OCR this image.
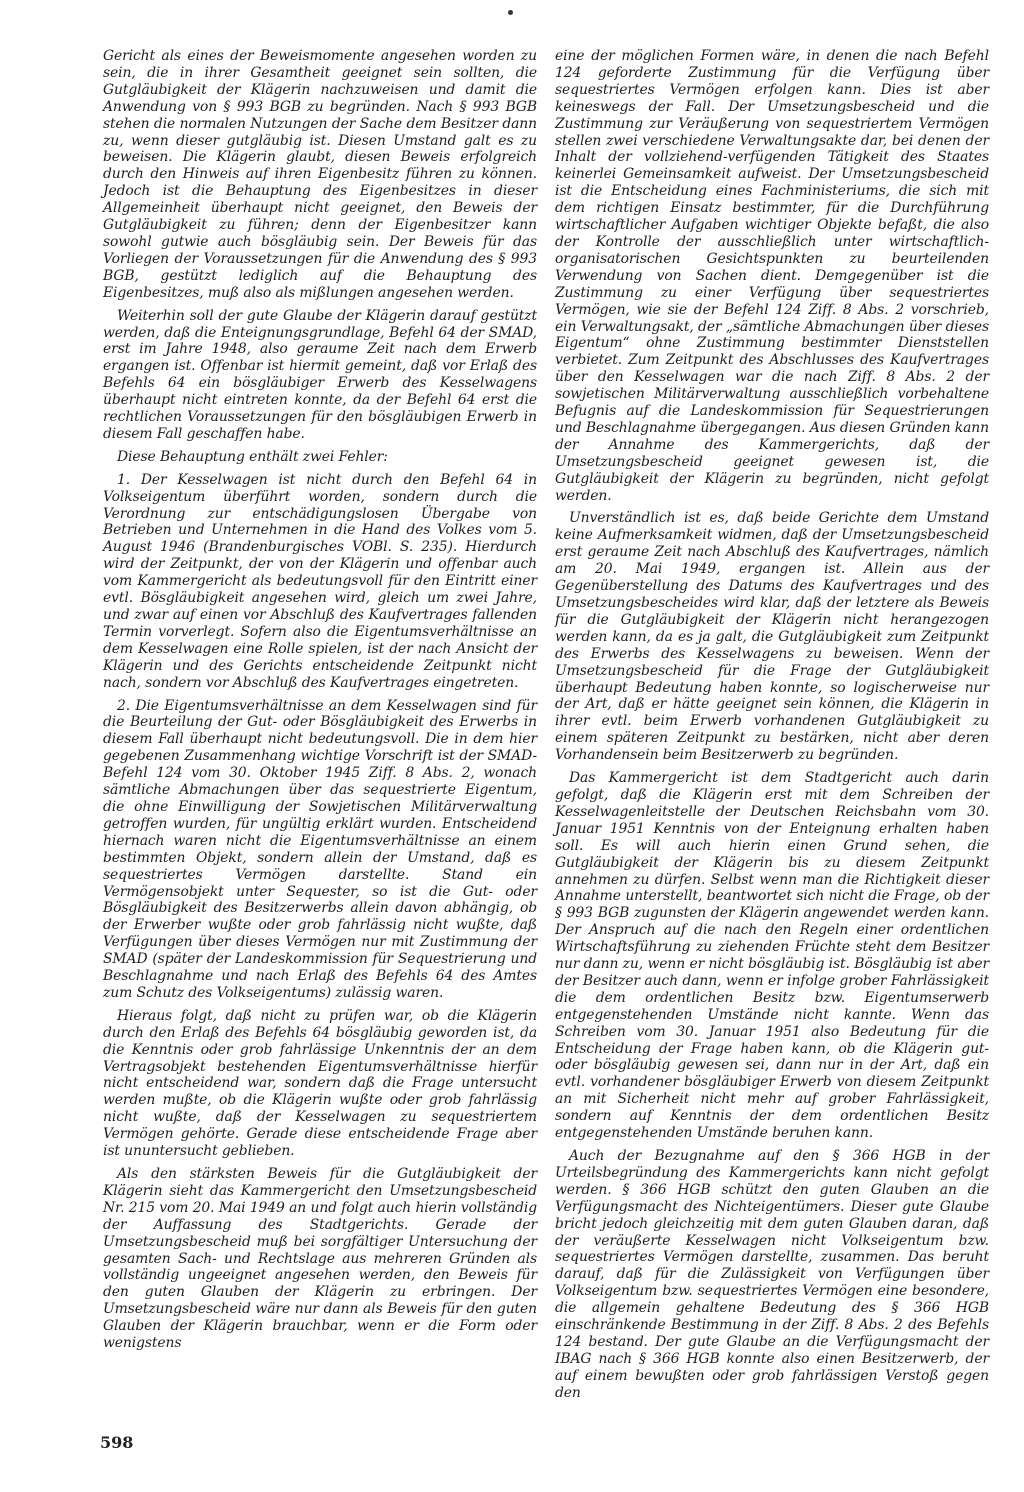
Gericht als eines der Beweismomente angesehen worden zu sein, die in ihrer Gesamtheit geeignet sein sollten, die Gutgläubigkeit der Klägerin nachzuweisen und damit die Anwendung von § 993 BGB zu begründen. Nach § 993 BGB stehen die normalen Nutzungen der Sache dem Besitzer dann zu, wenn dieser gutgläubig ist. Diesen Umstand galt es zu beweisen. Die Klägerin glaubt, diesen Beweis erfolgreich durch den Hinweis auf ihren Eigenbesitz führen zu können. Jedoch ist die Behauptung des Eigenbesitzes in dieser Allgemeinheit überhaupt nicht geeignet, den Beweis der Gutgläubigkeit zu führen; denn der Eigenbesitzer kann sowohl gutwie auch bösgläubig sein. Der Beweis für das Vorliegen der Voraussetzungen für die Anwendung des § 993 BGB, gestützt lediglich auf die Behauptung des Eigenbesitzes, muß also als mißlungen angesehen werden.

Weiterhin soll der gute Glaube der Klägerin darauf gestützt werden, daß die Enteignungsgrundlage, Befehl 64 der SMAD, erst im Jahre 1948, also geraume Zeit nach dem Erwerb ergangen ist. Offenbar ist hiermit gemeint, daß vor Erlaß des Befehls 64 ein bösgläubiger Erwerb des Kesselwagens überhaupt nicht eintreten konnte, da der Befehl 64 erst die rechtlichen Voraussetzungen für den bösgläubigen Erwerb in diesem Fall geschaffen habe.

Diese Behauptung enthält zwei Fehler:

1. Der Kesselwagen ist nicht durch den Befehl 64 in Volkseigentum überführt worden, sondern durch die Verordnung zur entschädigungslosen Übergabe von Betrieben und Unternehmen in die Hand des Volkes vom 5. August 1946 (Brandenburgisches VOBl. S. 235). Hierdurch wird der Zeitpunkt, der von der Klägerin und offenbar auch vom Kammergericht als bedeutungsvoll für den Eintritt einer evtl. Bösgläubigkeit angesehen wird, gleich um zwei Jahre, und zwar auf einen vor Abschluß des Kaufvertrages fallenden Termin vorverlegt. Sofern also die Eigentumsverhältnisse an dem Kesselwagen eine Rolle spielen, ist der nach Ansicht der Klägerin und des Gerichts entscheidende Zeitpunkt nicht nach, sondern vor Abschluß des Kaufvertrages eingetreten.

2. Die Eigentumsverhältnisse an dem Kesselwagen sind für die Beurteilung der Gut- oder Bösgläubigkeit des Erwerbs in diesem Fall überhaupt nicht bedeutungsvoll. Die in dem hier gegebenen Zusammenhang wichtige Vorschrift ist der SMAD-Befehl 124 vom 30. Oktober 1945 Ziff. 8 Abs. 2, wonach sämtliche Abmachungen über das sequestrierte Eigentum, die ohne Einwilligung der Sowjetischen Militärverwaltung getroffen wurden, für ungültig erklärt wurden. Entscheidend hiernach waren nicht die Eigentumsverhältnisse an einem bestimmten Objekt, sondern allein der Umstand, daß es sequestriertes Vermögen darstellte. Stand ein Vermögensobjekt unter Sequester, so ist die Gut- oder Bösgläubigkeit des Besitzerwerbs allein davon abhängig, ob der Erwerber wußte oder grob fahrlässig nicht wußte, daß Verfügungen über dieses Vermögen nur mit Zustimmung der SMAD (später der Landeskommission für Sequestrierung und Beschlagnahme und nach Erlaß des Befehls 64 des Amtes zum Schutz des Volkseigentums) zulässig waren.

Hieraus folgt, daß nicht zu prüfen war, ob die Klägerin durch den Erlaß des Befehls 64 bösgläubig geworden ist, da die Kenntnis oder grob fahrlässige Unkenntnis der an dem Vertragsobjekt bestehenden Eigentumsverhältnisse hierfür nicht entscheidend war, sondern daß die Frage untersucht werden mußte, ob die Klägerin wußte oder grob fahrlässig nicht wußte, daß der Kesselwagen zu sequestriertem Vermögen gehörte. Gerade diese entscheidende Frage aber ist ununtersucht geblieben.

Als den stärksten Beweis für die Gutgläubigkeit der Klägerin sieht das Kammergericht den Umsetzungsbescheid Nr. 215 vom 20. Mai 1949 an und folgt auch hierin vollständig der Auffassung des Stadtgerichts. Gerade der Umsetzungsbescheid muß bei sorgfältiger Untersuchung der gesamten Sach- und Rechtslage aus mehreren Gründen als vollständig ungeeignet angesehen werden, den Beweis für den guten Glauben der Klägerin zu erbringen. Der Umsetzungsbescheid wäre nur dann als Beweis für den guten Glauben der Klägerin brauchbar, wenn er die Form oder wenigstens

eine der möglichen Formen wäre, in denen die nach Befehl 124 geforderte Zustimmung für die Verfügung über sequestriertes Vermögen erfolgen kann. Dies ist aber keineswegs der Fall. Der Umsetzungsbescheid und die Zustimmung zur Veräußerung von sequestriertem Vermögen stellen zwei verschiedene Verwaltungsakte dar, bei denen der Inhalt der vollziehend-verfügenden Tätigkeit des Staates keinerlei Gemeinsamkeit aufweist. Der Umsetzungsbescheid ist die Entscheidung eines Fachministeriums, die sich mit dem richtigen Einsatz bestimmter, für die Durchführung wirtschaftlicher Aufgaben wichtiger Objekte befaßt, die also der Kontrolle der ausschließlich unter wirtschaftlich-organisatorischen Gesichtspunkten zu beurteilenden Verwendung von Sachen dient. Demgegenüber ist die Zustimmung zu einer Verfügung über sequestriertes Vermögen, wie sie der Befehl 124 Ziff. 8 Abs. 2 vorschrieb, ein Verwaltungsakt, der „sämtliche Abmachungen über dieses Eigentum“ ohne Zustimmung bestimmter Dienststellen verbietet. Zum Zeitpunkt des Abschlusses des Kaufvertrages über den Kesselwagen war die nach Ziff. 8 Abs. 2 der sowjetischen Militärverwaltung ausschließlich vorbehaltene Befugnis auf die Landeskommission für Sequestrierungen und Beschlagnahme übergegangen. Aus diesen Gründen kann der Annahme des Kammergerichts, daß der Umsetzungsbescheid geeignet gewesen ist, die Gutgläubigkeit der Klägerin zu begründen, nicht gefolgt werden.

Unverständlich ist es, daß beide Gerichte dem Umstand keine Aufmerksamkeit widmen, daß der Umsetzungsbescheid erst geraume Zeit nach Abschluß des Kaufvertrages, nämlich am 20. Mai 1949, ergangen ist. Allein aus der Gegenüberstellung des Datums des Kaufvertrages und des Umsetzungsbescheides wird klar, daß der letztere als Beweis für die Gutgläubigkeit der Klägerin nicht herangezogen werden kann, da es ja galt, die Gutgläubigkeit zum Zeitpunkt des Erwerbs des Kesselwagens zu beweisen. Wenn der Umsetzungsbescheid für die Frage der Gutgläubigkeit überhaupt Bedeutung haben konnte, so logischerweise nur der Art, daß er hätte geeignet sein können, die Klägerin in ihrer evtl. beim Erwerb vorhandenen Gutgläubigkeit zu einem späteren Zeitpunkt zu bestärken, nicht aber deren Vorhandensein beim Besitzerwerb zu begründen.

Das Kammergericht ist dem Stadtgericht auch darin gefolgt, daß die Klägerin erst mit dem Schreiben der Kesselwagenleitstelle der Deutschen Reichsbahn vom 30. Januar 1951 Kenntnis von der Enteignung erhalten haben soll. Es will auch hierin einen Grund sehen, die Gutgläubigkeit der Klägerin bis zu diesem Zeitpunkt annehmen zu dürfen. Selbst wenn man die Richtigkeit dieser Annahme unterstellt, beantwortet sich nicht die Frage, ob der § 993 BGB zugunsten der Klägerin angewendet werden kann. Der Anspruch auf die nach den Regeln einer ordentlichen Wirtschaftsführung zu ziehenden Früchte steht dem Besitzer nur dann zu, wenn er nicht bösgläubig ist. Bösgläubig ist aber der Besitzer auch dann, wenn er infolge grober Fahrlässigkeit die dem ordentlichen Besitz bzw. Eigentumserwerb entgegenstehenden Umstände nicht kannte. Wenn das Schreiben vom 30. Januar 1951 also Bedeutung für die Entscheidung der Frage haben kann, ob die Klägerin gut- oder bösgläubig gewesen sei, dann nur in der Art, daß ein evtl. vorhandener bösgläubiger Erwerb von diesem Zeitpunkt an mit Sicherheit nicht mehr auf grober Fahrlässigkeit, sondern auf Kenntnis der dem ordentlichen Besitz entgegenstehenden Umstände beruhen kann.

Auch der Bezugnahme auf den § 366 HGB in der Urteilsbegründung des Kammergerichts kann nicht gefolgt werden. § 366 HGB schützt den guten Glauben an die Verfügungsmacht des Nichteigentümers. Dieser gute Glaube bricht jedoch gleichzeitig mit dem guten Glauben daran, daß der veräußerte Kesselwagen nicht Volkseigentum bzw. sequestriertes Vermögen darstellte, zusammen. Das beruht darauf, daß für die Zulässigkeit von Verfügungen über Volkseigentum bzw. sequestriertes Vermögen eine besondere, die allgemein gehaltene Bedeutung des § 366 HGB einschränkende Bestimmung in der Ziff. 8 Abs. 2 des Befehls 124 bestand. Der gute Glaube an die Verfügungsmacht der IBAG nach § 366 HGB konnte also einen Besitzerwerb, der auf einem bewußten oder grob fahrlässigen Verstoß gegen den

598
